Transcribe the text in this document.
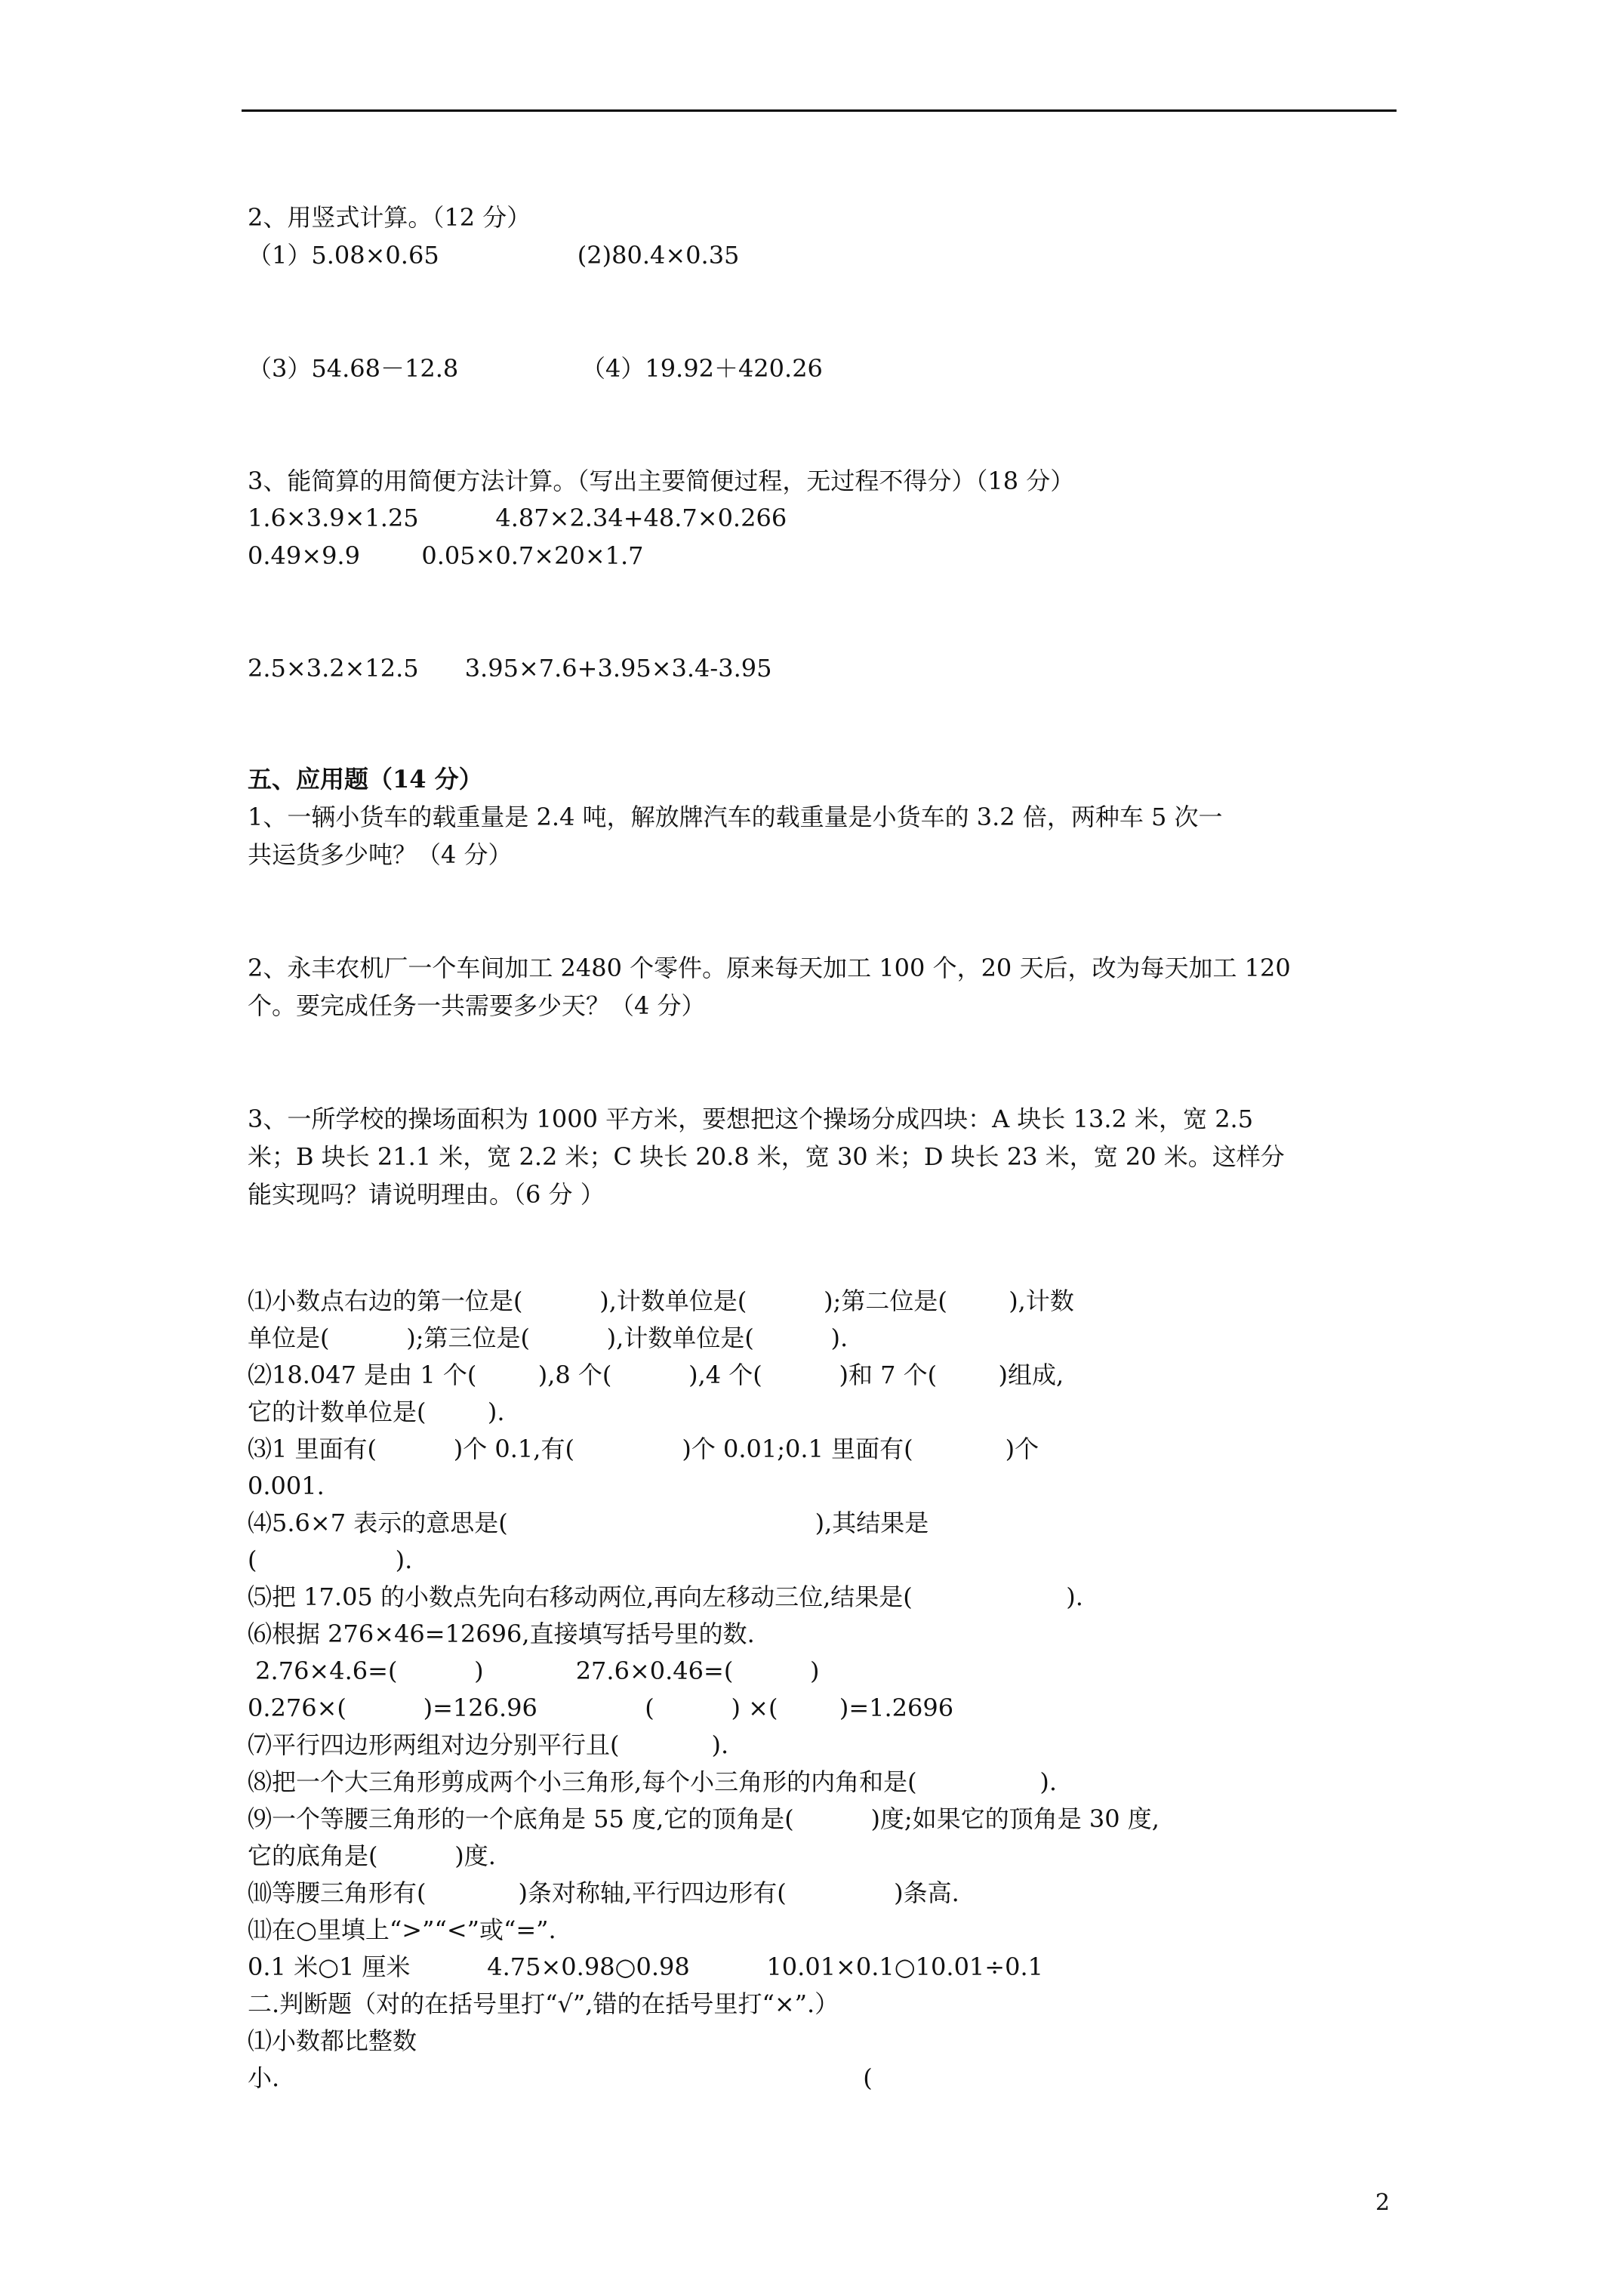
2、用竖式计算。（12 分）
（1）5.08×0.65                  (2)80.4×0.35
（3）54.68－12.8                （4）19.92＋420.26
3、能简算的用简便方法计算。（写出主要简便过程，无过程不得分）（18 分）
1.6×3.9×1.25          4.87×2.34+48.7×0.266
0.49×9.9        0.05×0.7×20×1.7
2.5×3.2×12.5      3.95×7.6+3.95×3.4-3.95
五、应用题（14 分）
1、一辆小货车的载重量是 2.4 吨，解放牌汽车的载重量是小货车的 3.2 倍，两种车 5 次一
共运货多少吨？（4 分）
2、永丰农机厂一个车间加工 2480 个零件。原来每天加工 100 个，20 天后，改为每天加工 120
个。要完成任务一共需要多少天？（4 分）
3、一所学校的操场面积为 1000 平方米，要想把这个操场分成四块：A 块长 13.2 米，宽 2.5
米；B 块长 21.1 米，宽 2.2 米；C 块长 20.8 米，宽 30 米；D 块长 23 米，宽 20 米。这样分
能实现吗？请说明理由。（6 分 ）
⑴小数点右边的第一位是(          ),计数单位是(          );第二位是(        ),计数
单位是(          );第三位是(          ),计数单位是(          ).
⑵18.047 是由 1 个(        ),8 个(          ),4 个(          )和 7 个(        )组成,
它的计数单位是(        ).
⑶1 里面有(          )个 0.1,有(              )个 0.01;0.1 里面有(            )个
0.001.
⑷5.6×7 表示的意思是(                                        ),其结果是
(                  ).
⑸把 17.05 的小数点先向右移动两位,再向左移动三位,结果是(                    ).
⑹根据 276×46=12696,直接填写括号里的数.
2.76×4.6=(          )            27.6×0.46=(          )
0.276×(          )=126.96              (          ) ×(        )=1.2696
⑺平行四边形两组对边分别平行且(            ).
⑻把一个大三角形剪成两个小三角形,每个小三角形的内角和是(                ).
⑼一个等腰三角形的一个底角是 55 度,它的顶角是(          )度;如果它的顶角是 30 度,
它的底角是(          )度.
⑽等腰三角形有(            )条对称轴,平行四边形有(              )条高.
⑾在○里填上“>”“<”或“=”.
0.1 米○1 厘米          4.75×0.98○0.98          10.01×0.1○10.01÷0.1
二.判断题（对的在括号里打“√”,错的在括号里打“×”.）
⑴小数都比整数
小.                                                                            (
2
